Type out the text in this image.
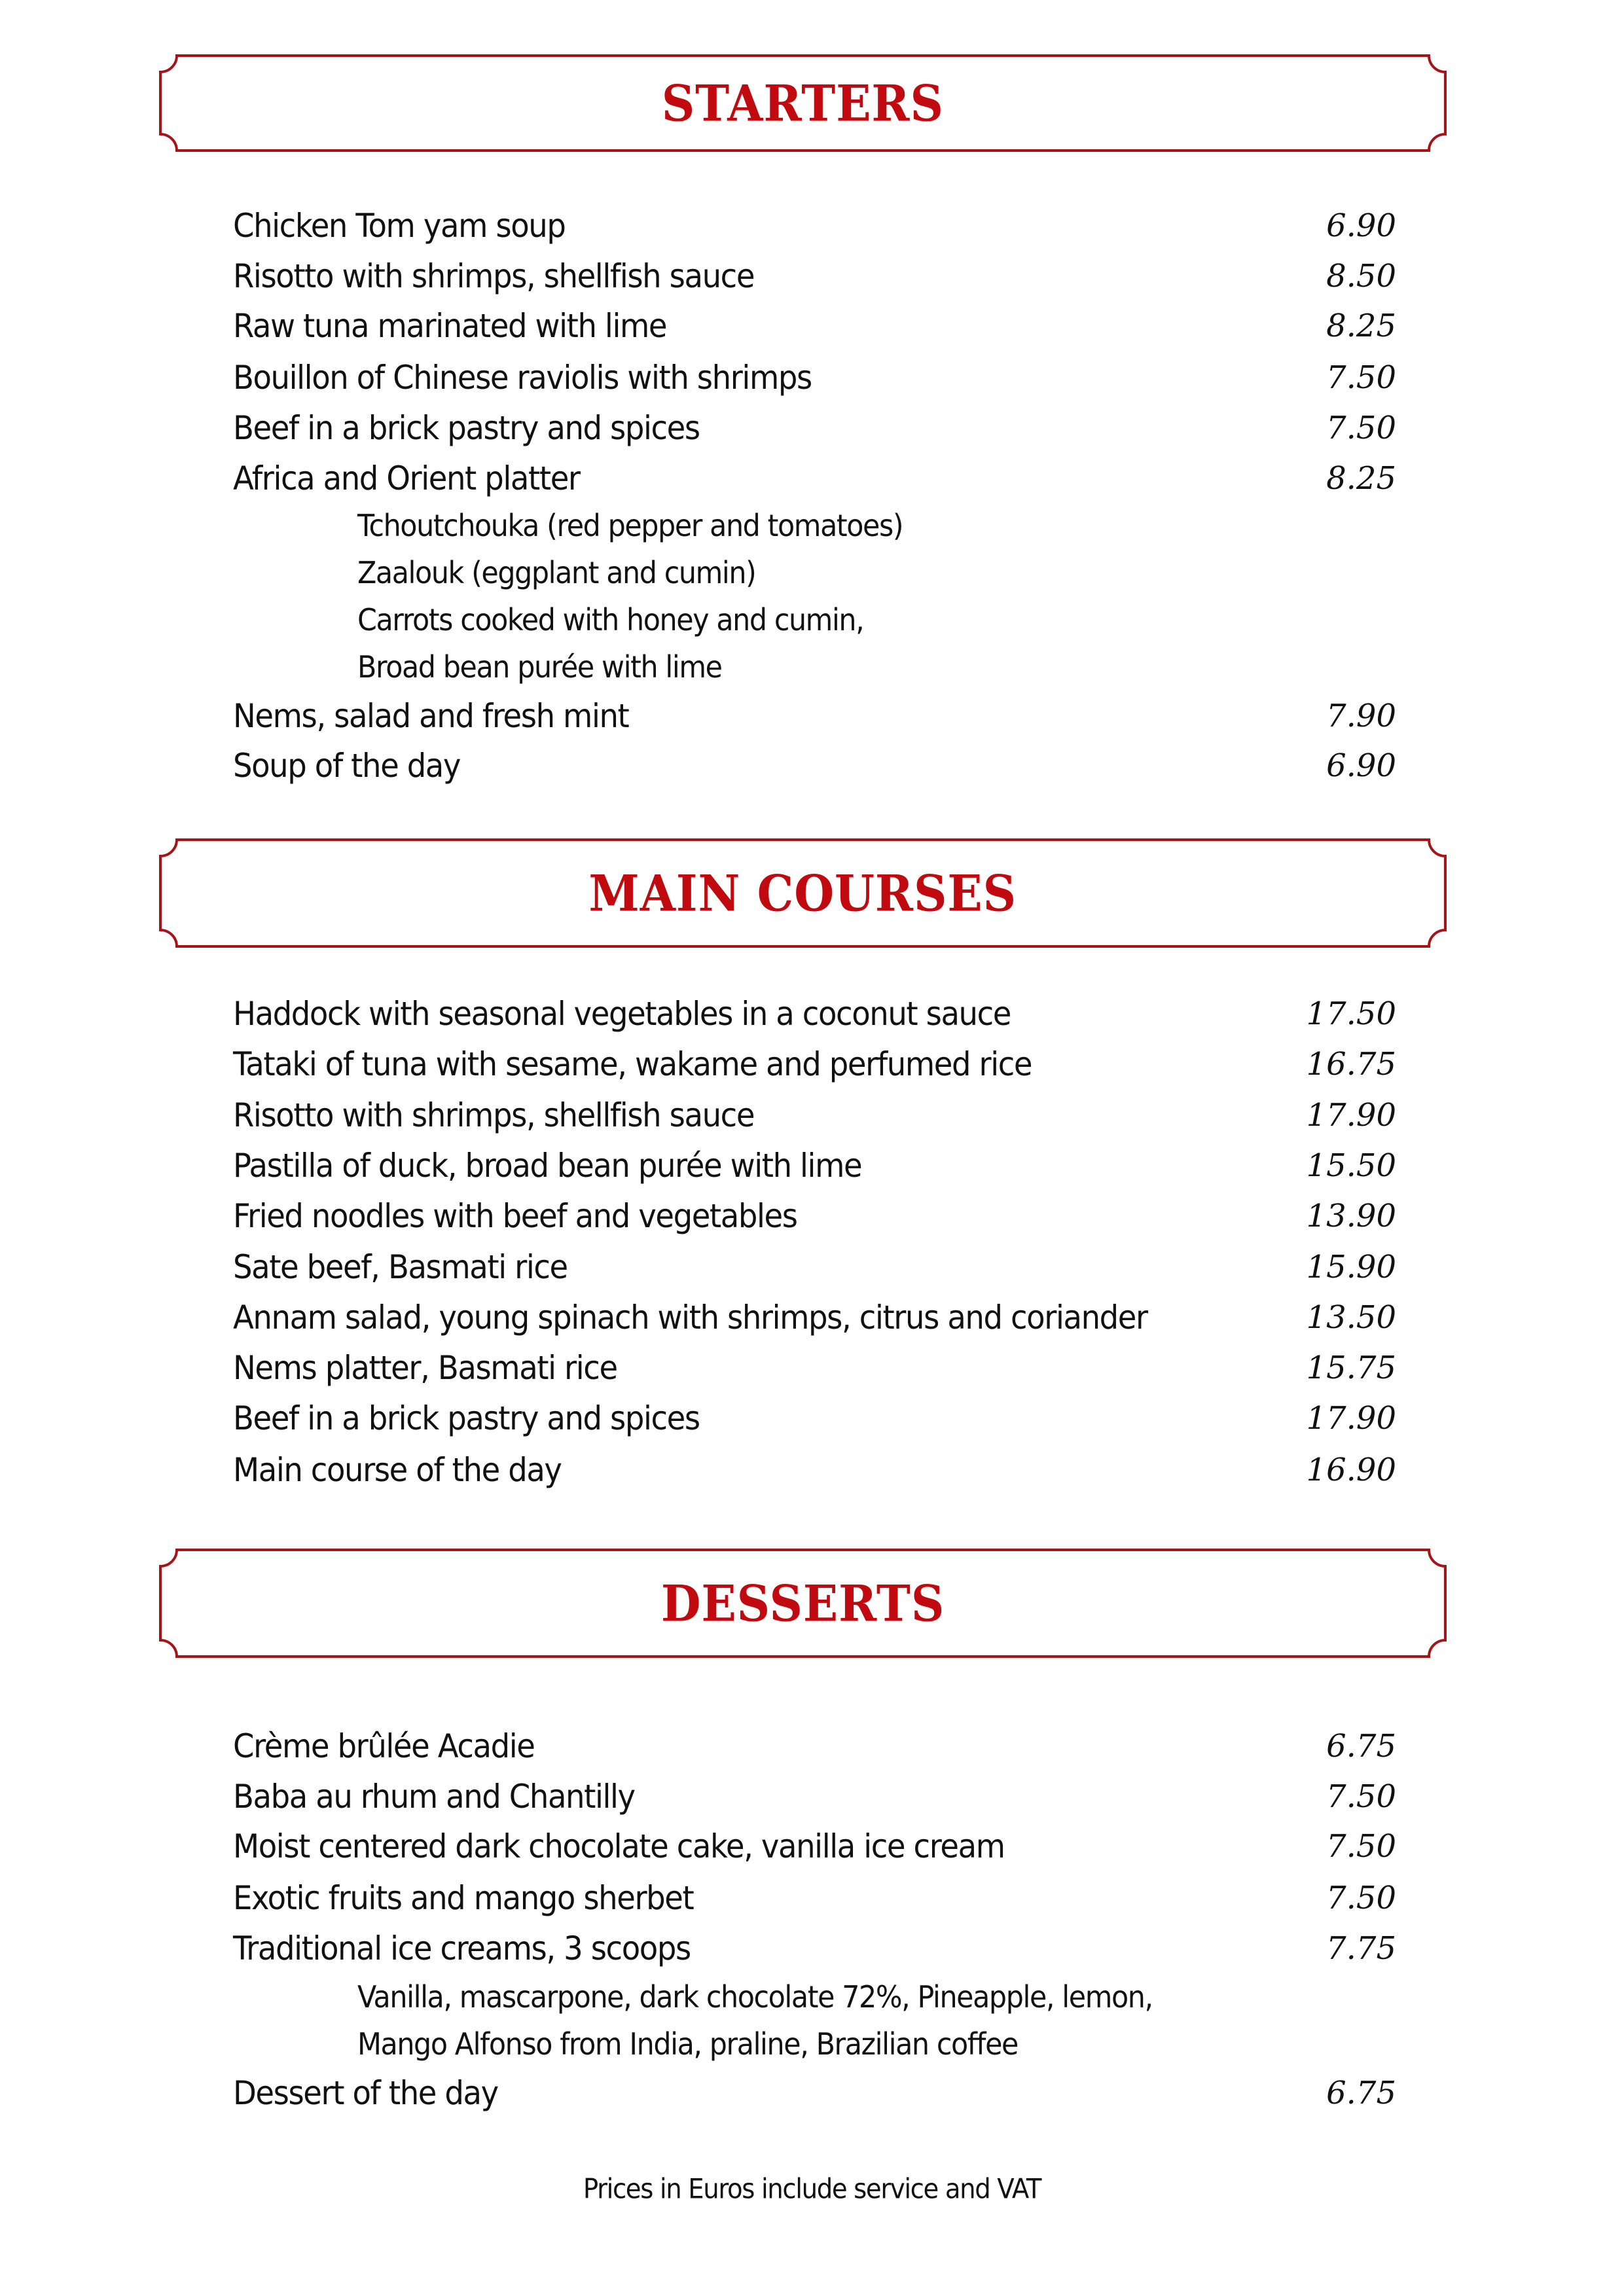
STARTERS
Chicken Tom yam soup	6.90
Risotto with shrimps, shellfish sauce	8.50
Raw tuna marinated with lime	8.25
Bouillon of Chinese raviolis with shrimps	7.50
Beef in a brick pastry and spices	7.50
Africa and Orient platter	8.25
Tchoutchouka (red pepper and tomatoes)
Zaalouk (eggplant and cumin)
Carrots cooked with honey and cumin,
Broad bean purée with lime
Nems, salad and fresh mint	7.90
Soup of the day	6.90
MAIN COURSES
Haddock with seasonal vegetables in a coconut sauce	17.50
Tataki of tuna with sesame, wakame and perfumed rice	16.75
Risotto with shrimps, shellfish sauce	17.90
Pastilla of duck, broad bean purée with lime	15.50
Fried noodles with beef and vegetables	13.90
Sate beef, Basmati rice	15.90
Annam salad, young spinach with shrimps, citrus and coriander	13.50
Nems platter, Basmati rice	15.75
Beef in a brick pastry and spices	17.90
Main course of the day	16.90
DESSERTS
Crème brûlée Acadie	6.75
Baba au rhum and Chantilly	7.50
Moist centered dark chocolate cake, vanilla ice cream	7.50
Exotic fruits and mango sherbet	7.50
Traditional ice creams, 3 scoops	7.75
Vanilla, mascarpone, dark chocolate 72%, Pineapple, lemon,
Mango Alfonso from India, praline, Brazilian coffee
Dessert of the day	6.75
Prices in Euros include service and VAT
